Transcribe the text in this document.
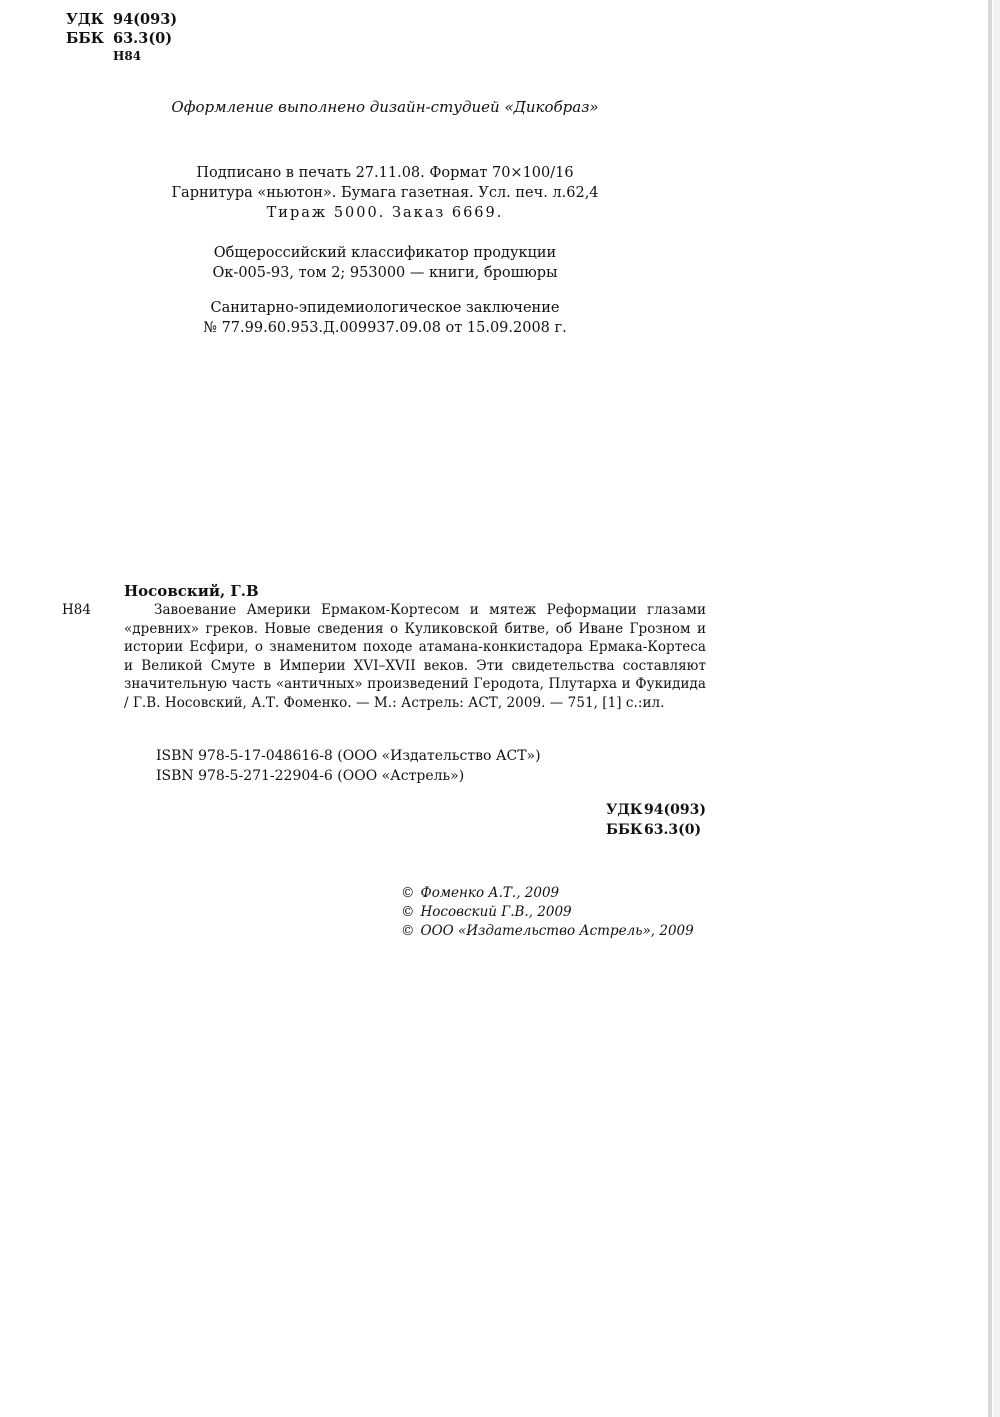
УДК 94(093)
ББК 63.3(0)
Н84
Оформление выполнено дизайн-студией «Дикобраз»
Подписано в печать 27.11.08. Формат 70×100/16
Гарнитура «ньютон». Бумага газетная. Усл. печ. л.62,4
Тираж 5000. Заказ 6669.
Общероссийский классификатор продукции
Ок-005-93, том 2; 953000 — книги, брошюры
Санитарно-эпидемиологическое заключение
№ 77.99.60.953.Д.009937.09.08 от 15.09.2008 г.
Н84
Носовский, Г.В
Завоевание Америки Ермаком-Кортесом и мятеж Реформации глазами «древних» греков. Новые сведения о Куликовской битве, об Иване Грозном и истории Есфири, о знаменитом походе атамана-конкистадора Ермака-Кортеса и Великой Смуте в Империи XVI–XVII веков. Эти свидетельства составляют значительную часть «античных» произведений Геродота, Плутарха и Фукидида / Г.В. Носовский, А.Т. Фоменко. — М.: Астрель: АСТ, 2009. — 751, [1] с.:ил.
ISBN 978-5-17-048616-8 (ООО «Издательство АСТ»)
ISBN 978-5-271-22904-6 (ООО «Астрель»)
УДК 94(093)
ББК 63.3(0)
© Фоменко А.Т., 2009
© Носовский Г.В., 2009
© ООО «Издательство Астрель», 2009
